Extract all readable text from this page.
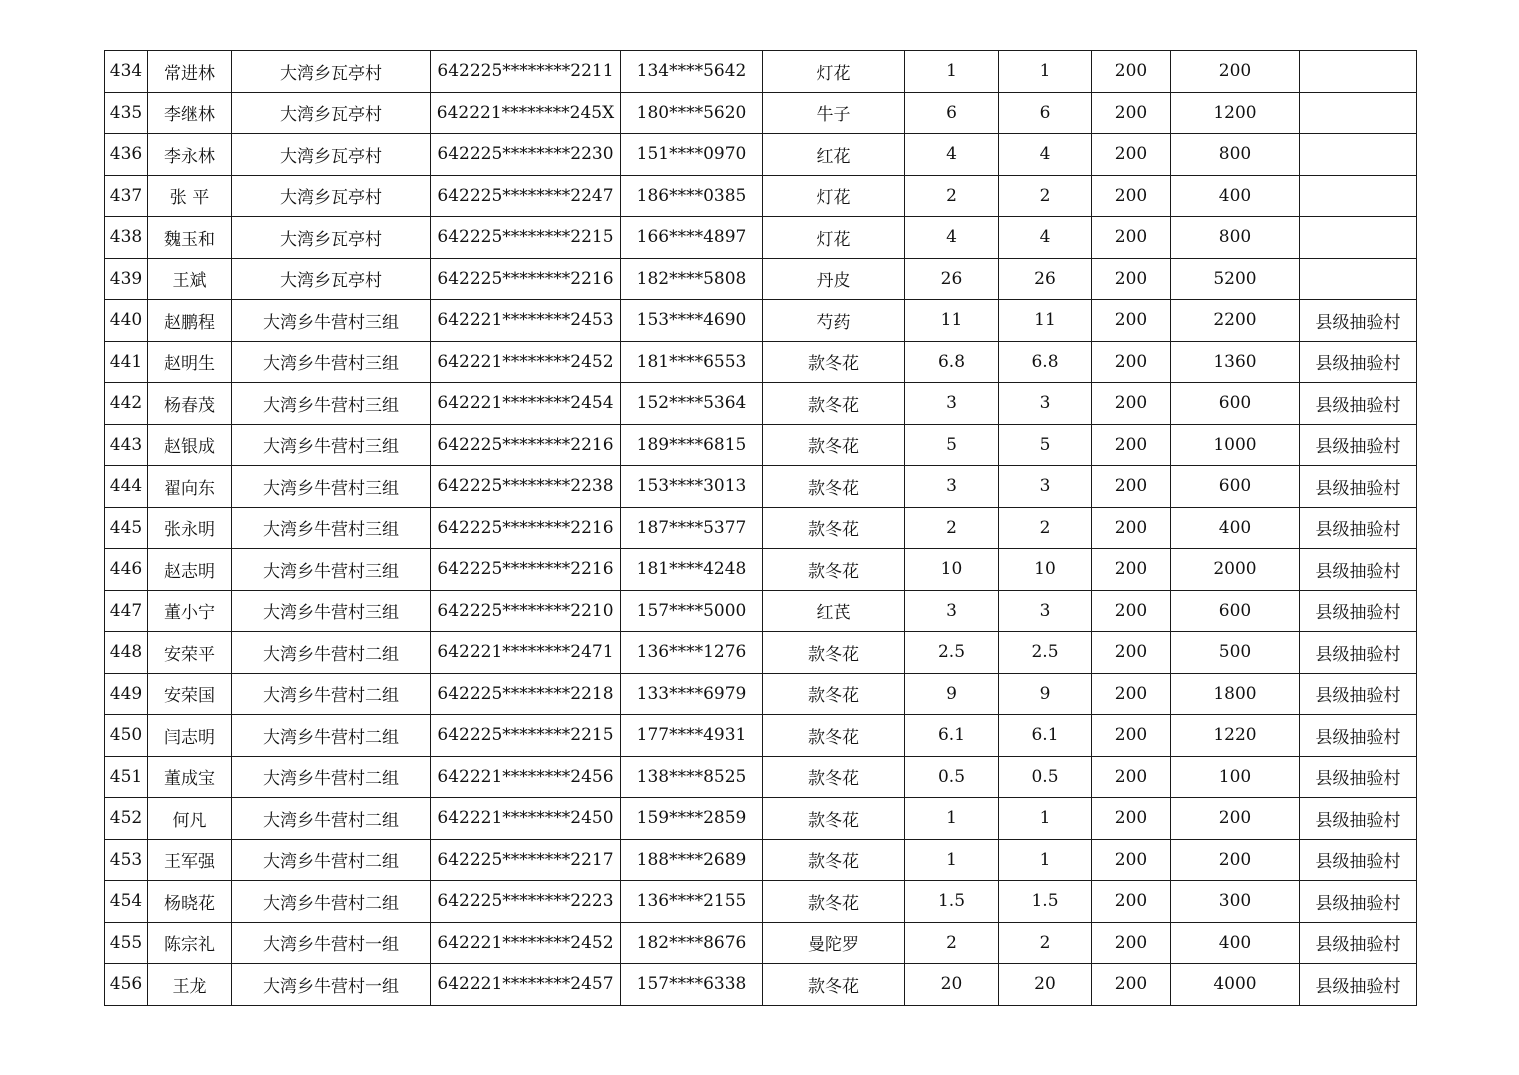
434	常进林	大湾乡瓦亭村	642225********2211	134****5642	灯花	1	1	200	200	
435	李继林	大湾乡瓦亭村	642221********245X	180****5620	牛子	6	6	200	1200	
436	李永林	大湾乡瓦亭村	642225********2230	151****0970	红花	4	4	200	800	
437	张 平	大湾乡瓦亭村	642225********2247	186****0385	灯花	2	2	200	400	
438	魏玉和	大湾乡瓦亭村	642225********2215	166****4897	灯花	4	4	200	800	
439	王斌	大湾乡瓦亭村	642225********2216	182****5808	丹皮	26	26	200	5200	
440	赵鹏程	大湾乡牛营村三组	642221********2453	153****4690	芍药	11	11	200	2200	县级抽验村
441	赵明生	大湾乡牛营村三组	642221********2452	181****6553	款冬花	6.8	6.8	200	1360	县级抽验村
442	杨春茂	大湾乡牛营村三组	642221********2454	152****5364	款冬花	3	3	200	600	县级抽验村
443	赵银成	大湾乡牛营村三组	642225********2216	189****6815	款冬花	5	5	200	1000	县级抽验村
444	翟向东	大湾乡牛营村三组	642225********2238	153****3013	款冬花	3	3	200	600	县级抽验村
445	张永明	大湾乡牛营村三组	642225********2216	187****5377	款冬花	2	2	200	400	县级抽验村
446	赵志明	大湾乡牛营村三组	642225********2216	181****4248	款冬花	10	10	200	2000	县级抽验村
447	董小宁	大湾乡牛营村三组	642225********2210	157****5000	红芪	3	3	200	600	县级抽验村
448	安荣平	大湾乡牛营村二组	642221********2471	136****1276	款冬花	2.5	2.5	200	500	县级抽验村
449	安荣国	大湾乡牛营村二组	642225********2218	133****6979	款冬花	9	9	200	1800	县级抽验村
450	闫志明	大湾乡牛营村二组	642225********2215	177****4931	款冬花	6.1	6.1	200	1220	县级抽验村
451	董成宝	大湾乡牛营村二组	642221********2456	138****8525	款冬花	0.5	0.5	200	100	县级抽验村
452	何凡	大湾乡牛营村二组	642221********2450	159****2859	款冬花	1	1	200	200	县级抽验村
453	王军强	大湾乡牛营村二组	642225********2217	188****2689	款冬花	1	1	200	200	县级抽验村
454	杨晓花	大湾乡牛营村二组	642225********2223	136****2155	款冬花	1.5	1.5	200	300	县级抽验村
455	陈宗礼	大湾乡牛营村一组	642221********2452	182****8676	曼陀罗	2	2	200	400	县级抽验村
456	王龙	大湾乡牛营村一组	642221********2457	157****6338	款冬花	20	20	200	4000	县级抽验村
